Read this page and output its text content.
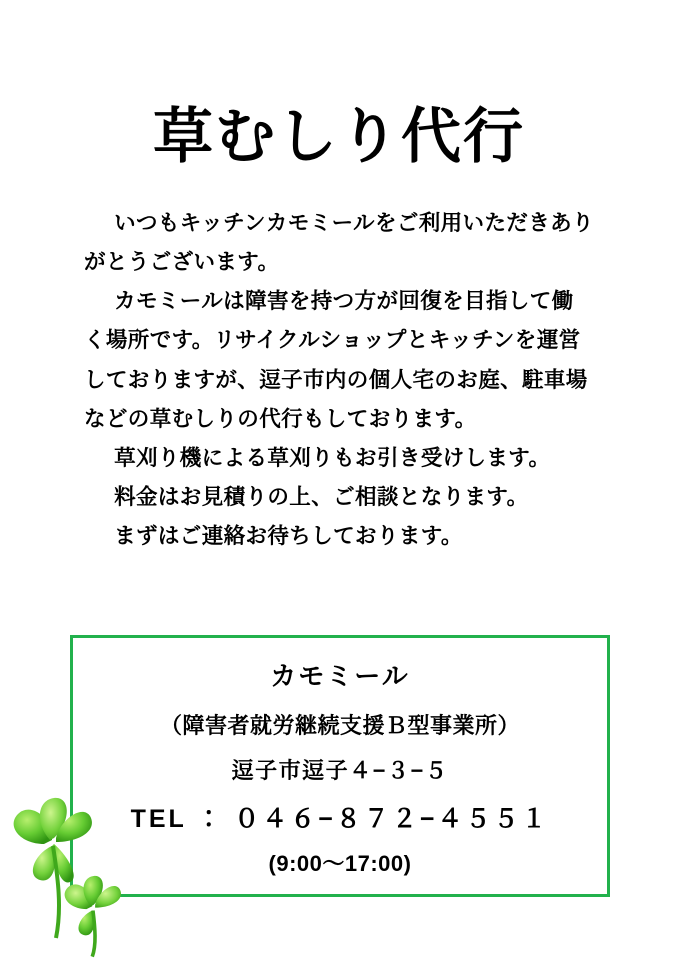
草むしり代行

いつもキッチンカモミールをご利用いただきありがとうございます。

カモミールは障害を持つ方が回復を目指して働く場所です。リサイクルショップとキッチンを運営しておりますが、逗子市内の個人宅のお庭、駐車場などの草むしりの代行もしております。

草刈り機による草刈りもお引き受けします。

料金はお見積りの上、ご相談となります。

まずはご連絡お待ちしております。

カモミール
（障害者就労継続支援Ｂ型事業所）
逗子市逗子４−３−５
TEL ： ０４６−８７２−４５５１
(9:00〜17:00)
